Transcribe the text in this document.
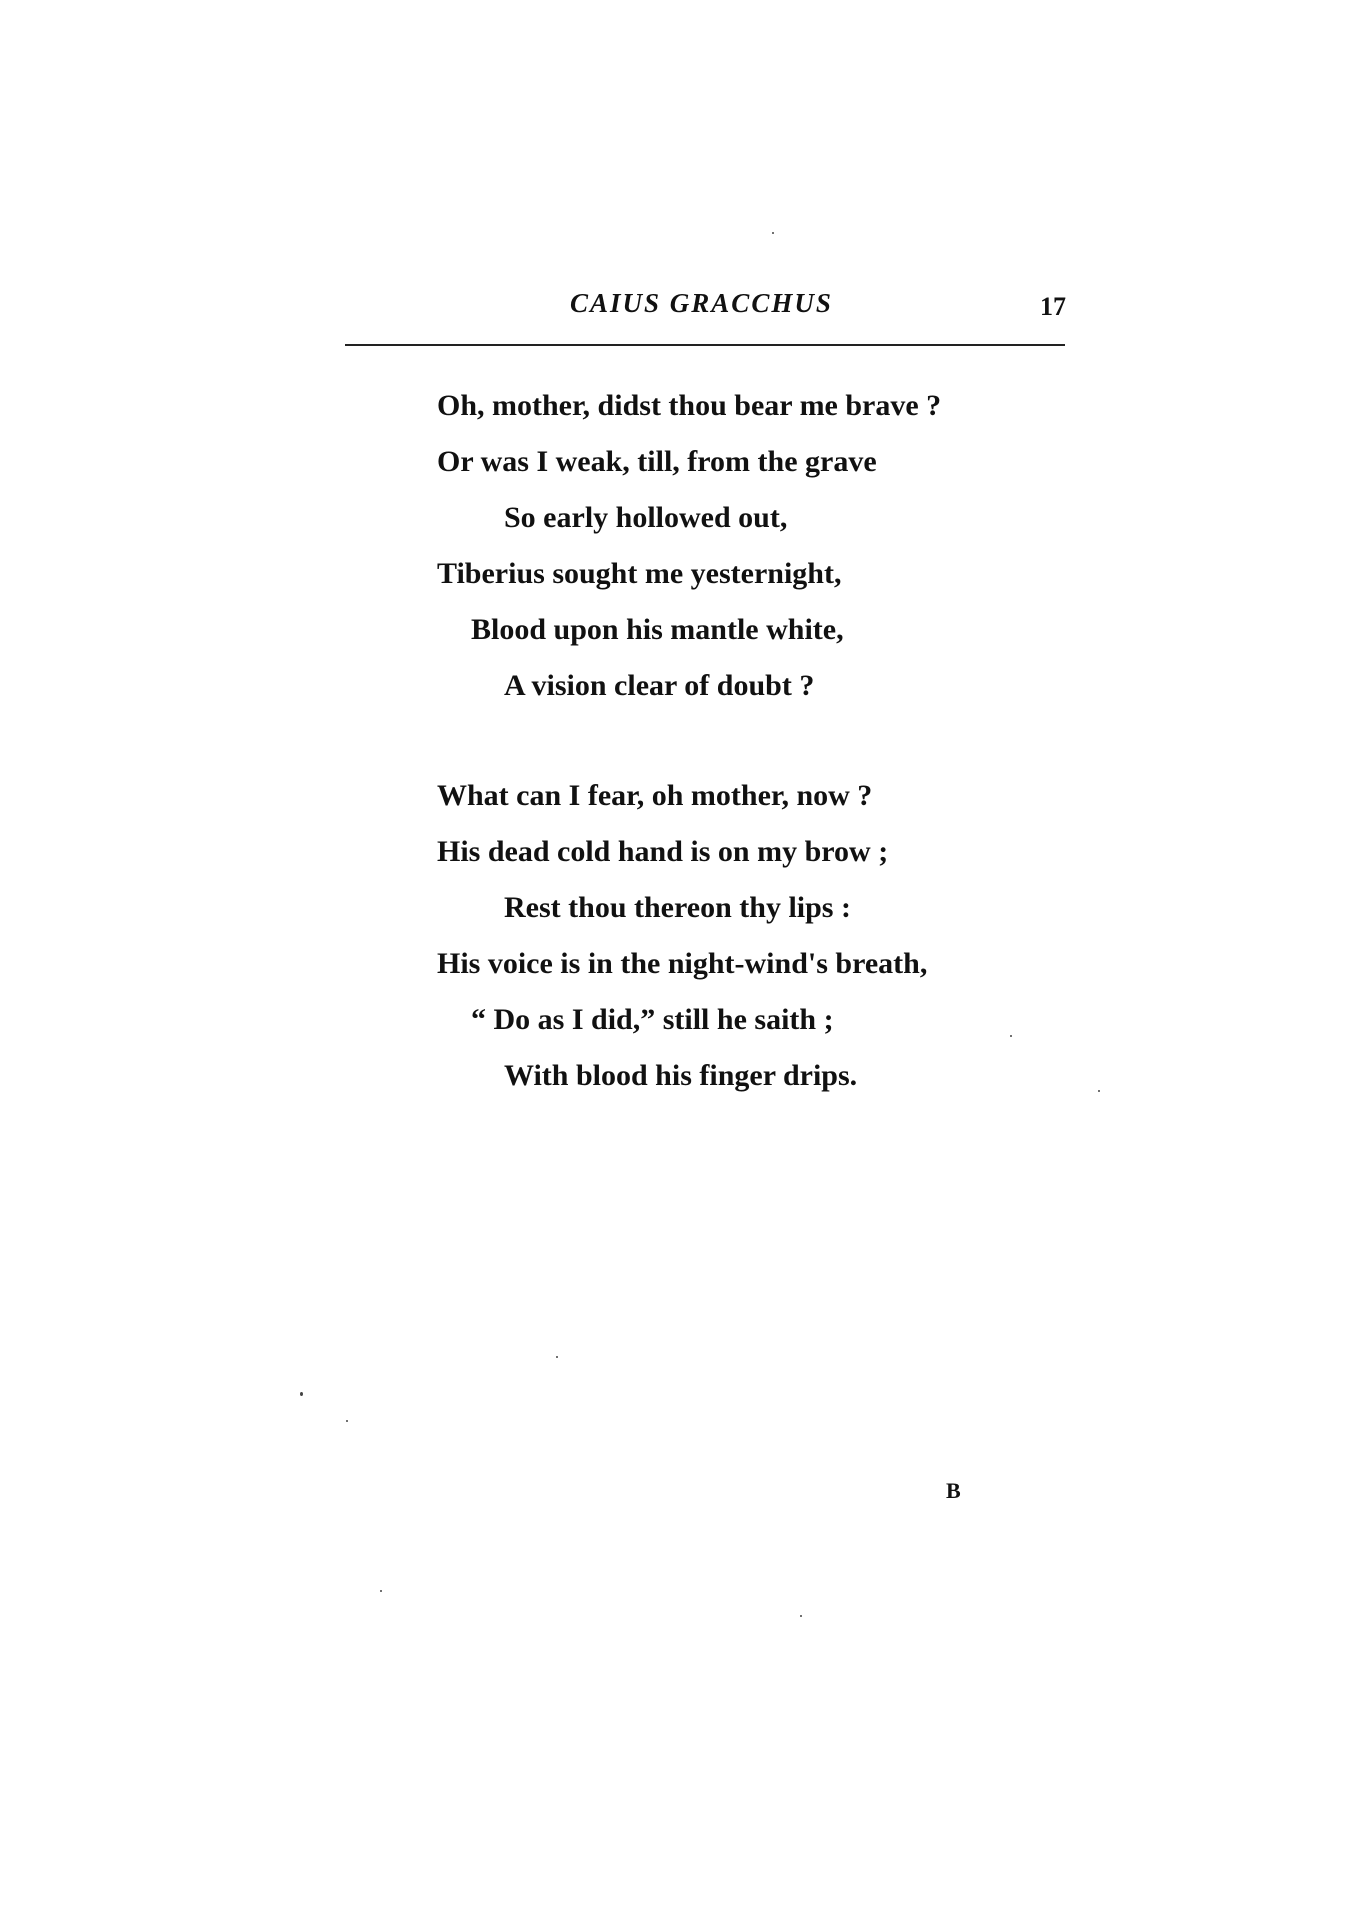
CAIUS GRACCHUS	17
Oh, mother, didst thou bear me brave ?
Or was I weak, till, from the grave
So early hollowed out,
Tiberius sought me yesternight,
Blood upon his mantle white,
A vision clear of doubt ?
What can I fear, oh mother, now ?
His dead cold hand is on my brow ;
Rest thou thereon thy lips :
His voice is in the night-wind's breath,
“ Do as I did,” still he saith ;
With blood his finger drips.
B
